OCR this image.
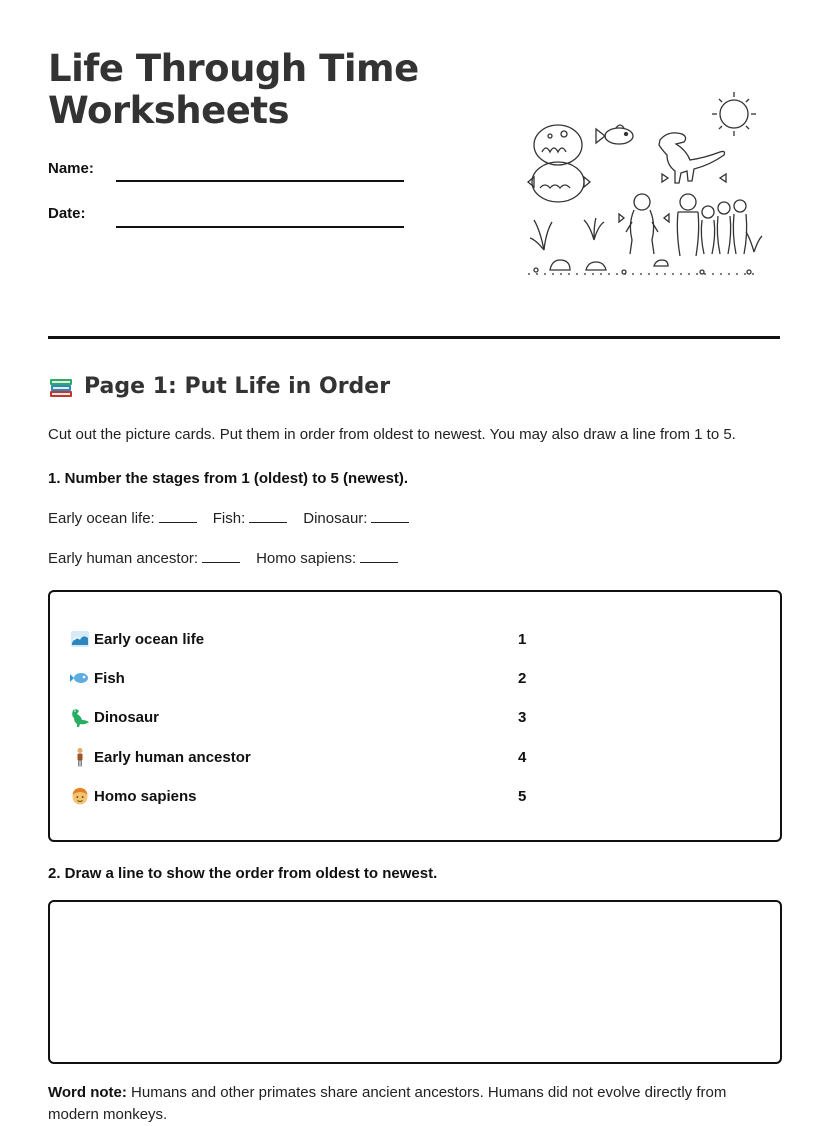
Life Through Time
Worksheets
Name:
Date:
Page 1: Put Life in Order

Cut out the picture cards. Put them in order from oldest to newest. You may also draw a line from 1 to 5.

1. Number the stages from 1 (oldest) to 5 (newest).

Early ocean life:	Fish:	Dinosaur:
Early human ancestor:	Homo sapiens:
Early ocean life	1
Fish	2
Dinosaur	3
Early human ancestor	4
Homo sapiens	5

2. Draw a line to show the order from oldest to newest.

Word note: Humans and other primates share ancient ancestors. Humans did not evolve directly from modern monkeys.
